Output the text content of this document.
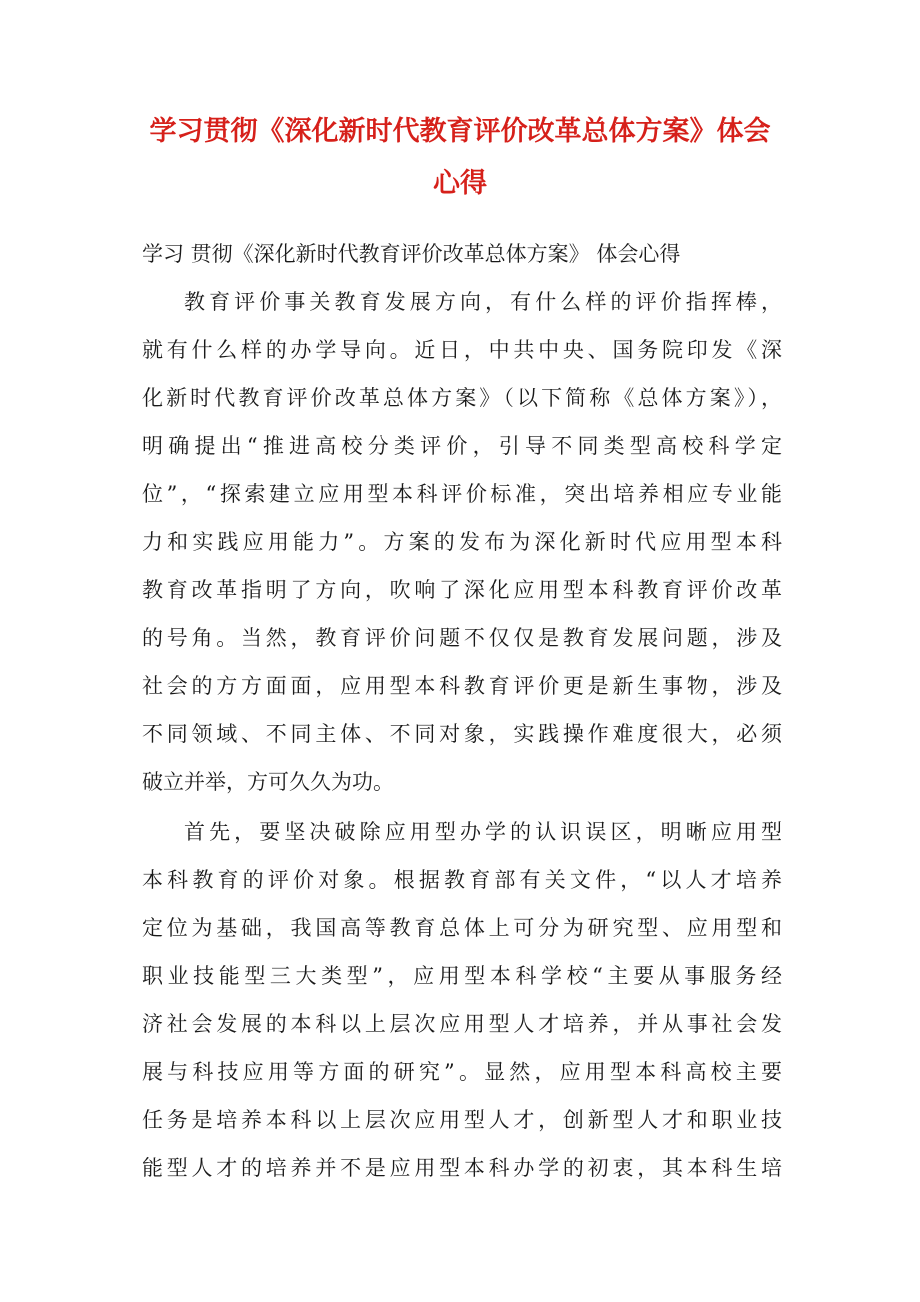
学习贯彻《深化新时代教育评价改革总体方案》体会
心得
学习 贯彻《深化新时代教育评价改革总体方案》 体会心得
教育评价事关教育发展方向，有什么样的评价指挥棒，
就有什么样的办学导向。近日，中共中央、国务院印发《深
化新时代教育评价改革总体方案》（以下简称《总体方案》），
明确提出“推进高校分类评价，引导不同类型高校科学定
位”，“探索建立应用型本科评价标准，突出培养相应专业能
力和实践应用能力”。方案的发布为深化新时代应用型本科
教育改革指明了方向，吹响了深化应用型本科教育评价改革
的号角。当然，教育评价问题不仅仅是教育发展问题，涉及
社会的方方面面，应用型本科教育评价更是新生事物，涉及
不同领域、不同主体、不同对象，实践操作难度很大，必须
破立并举，方可久久为功。
首先，要坚决破除应用型办学的认识误区，明晰应用型
本科教育的评价对象。根据教育部有关文件，“以人才培养
定位为基础，我国高等教育总体上可分为研究型、应用型和
职业技能型三大类型”，应用型本科学校“主要从事服务经
济社会发展的本科以上层次应用型人才培养，并从事社会发
展与科技应用等方面的研究”。显然，应用型本科高校主要
任务是培养本科以上层次应用型人才，创新型人才和职业技
能型人才的培养并不是应用型本科办学的初衷，其本科生培
